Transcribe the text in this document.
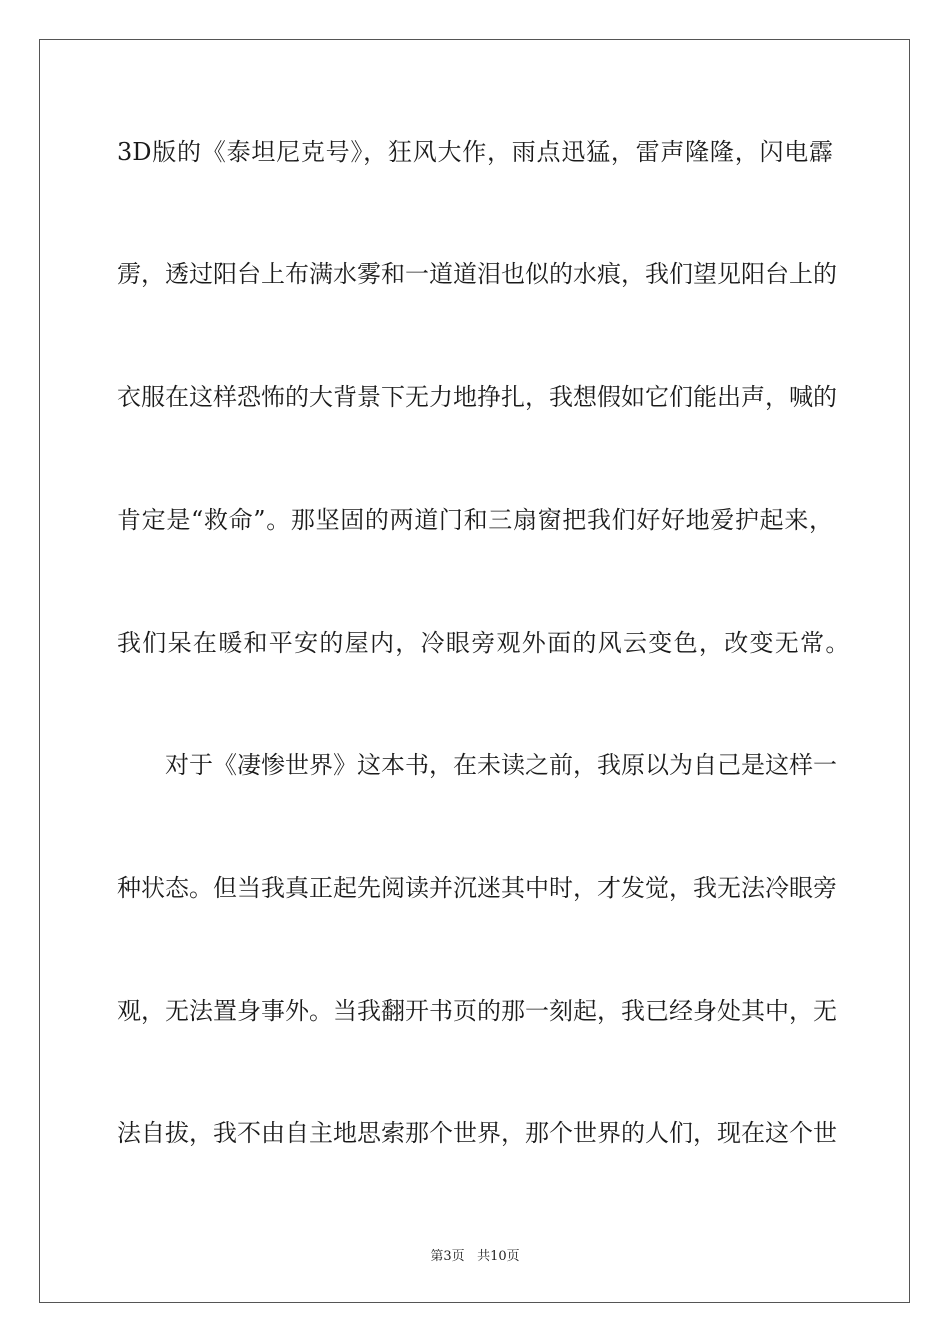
3D版的《泰坦尼克号》，狂风大作，雨点迅猛，雷声隆隆，闪电霹
雳，透过阳台上布满水雾和一道道泪也似的水痕，我们望见阳台上的
衣服在这样恐怖的大背景下无力地挣扎，我想假如它们能出声，喊的
肯定是“救命”。那坚固的两道门和三扇窗把我们好好地爱护起来，
我们呆在暖和平安的屋内，冷眼旁观外面的风云变色，改变无常。
对于《凄惨世界》这本书，在未读之前，我原以为自己是这样一
种状态。但当我真正起先阅读并沉迷其中时，才发觉，我无法冷眼旁
观，无法置身事外。当我翻开书页的那一刻起，我已经身处其中，无
法自拔，我不由自主地思索那个世界，那个世界的人们，现在这个世
第3页 共10页
